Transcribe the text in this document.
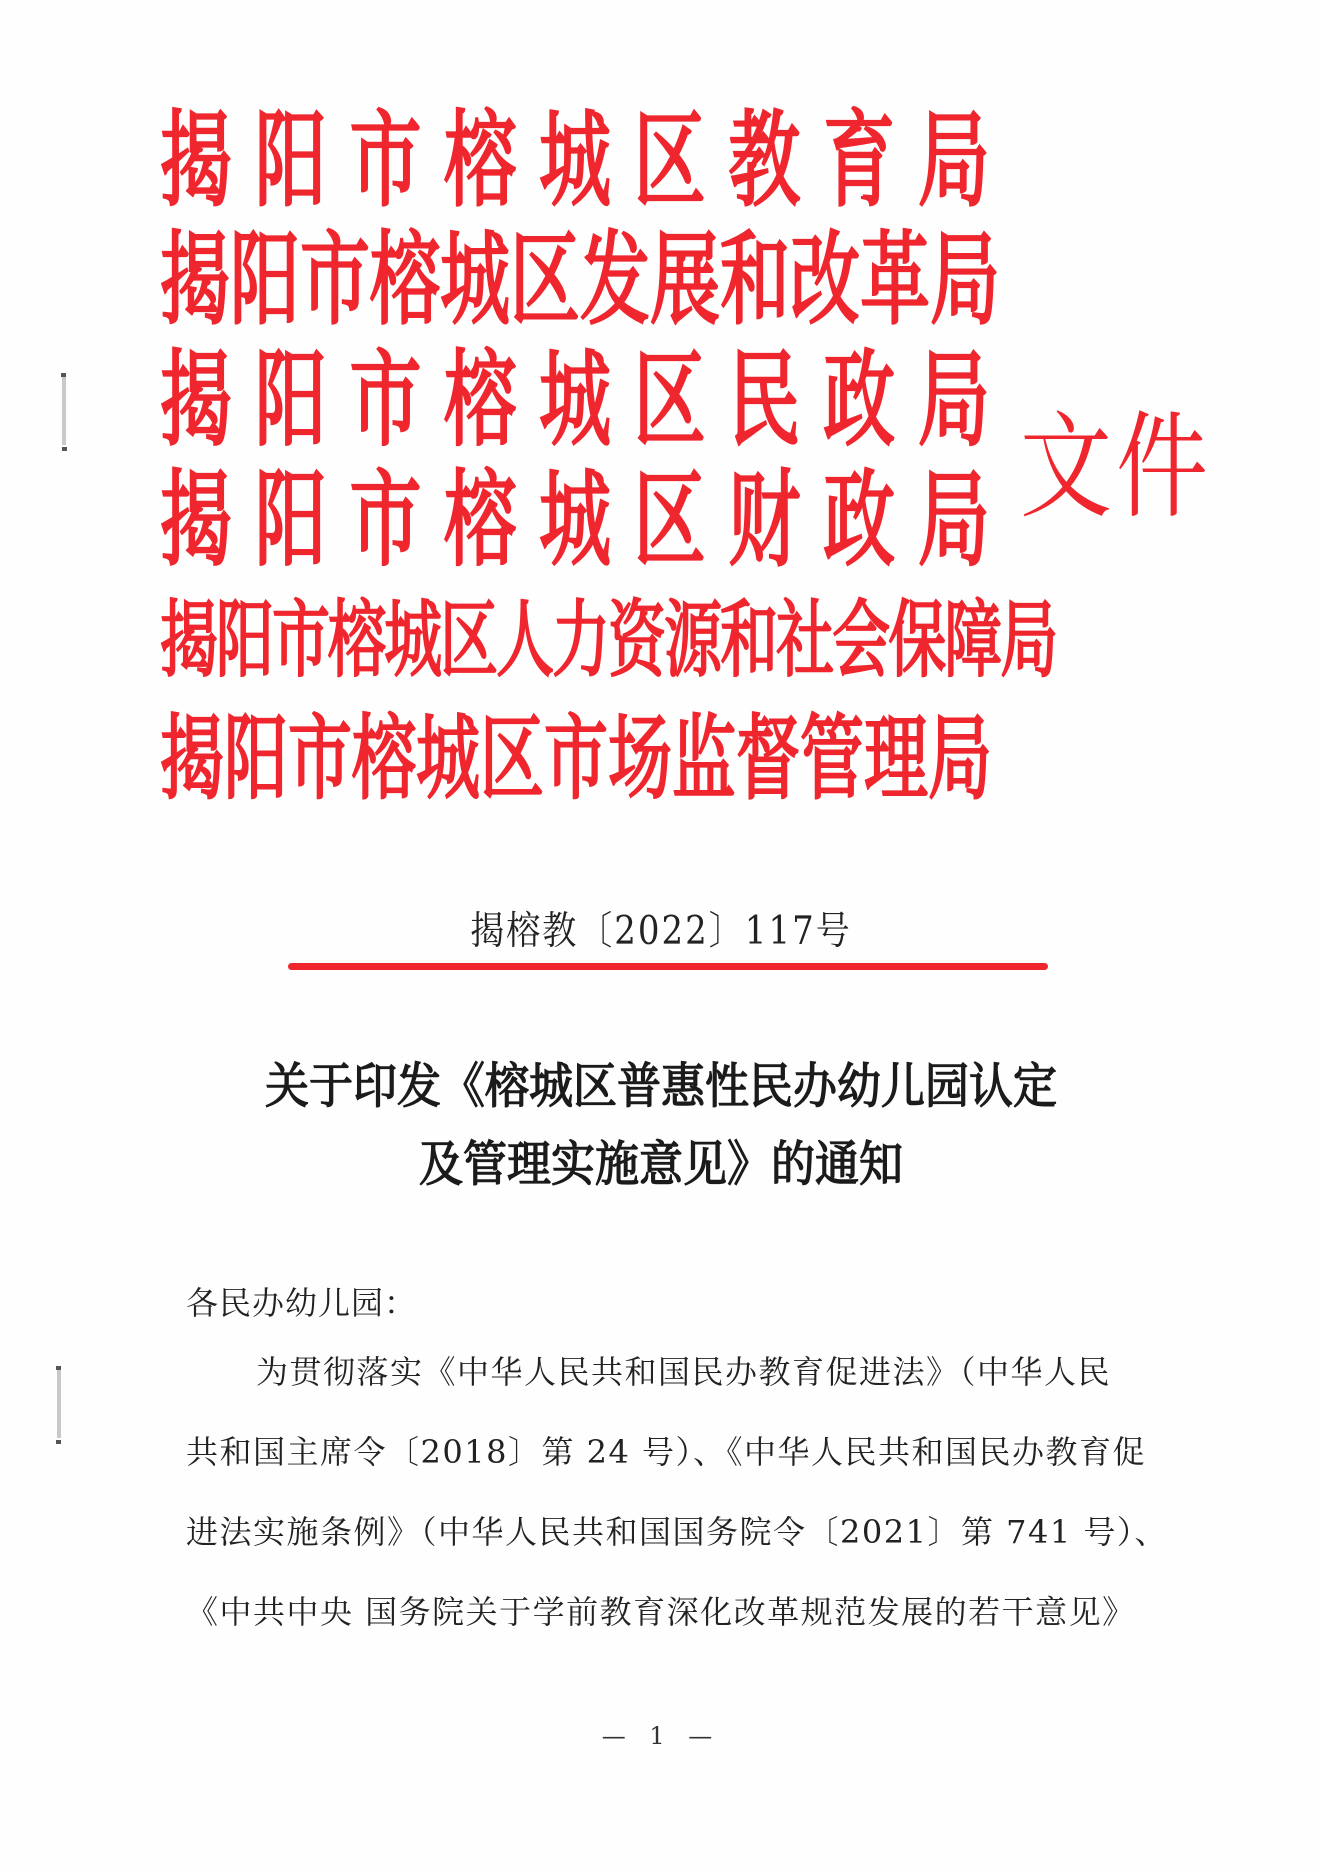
揭 阳 市 榕 城 区 教 育 局
揭 阳 市 榕 城 区 发 展 和 改 革 局
揭 阳 市 榕 城 区 民 政 局
揭 阳 市 榕 城 区 财 政 局
揭 阳 市 榕 城 区 人 力 资 源 和 社 会 保 障 局
揭 阳 市 榕 城 区 市 场 监 督 管 理 局
文件
揭榕教〔2022〕117号
关于印发《榕城区普惠性民办幼儿园认定
及管理实施意见》的通知
各民办幼儿园：
为贯彻落实《中华人民共和国民办教育促进法》（中华人民
共和国主席令〔2018〕第 24 号）、《中华人民共和国民办教育促
进法实施条例》（中华人民共和国国务院令〔2021〕第 741 号）、
《中共中央 国务院关于学前教育深化改革规范发展的若干意见》
— 1 —
